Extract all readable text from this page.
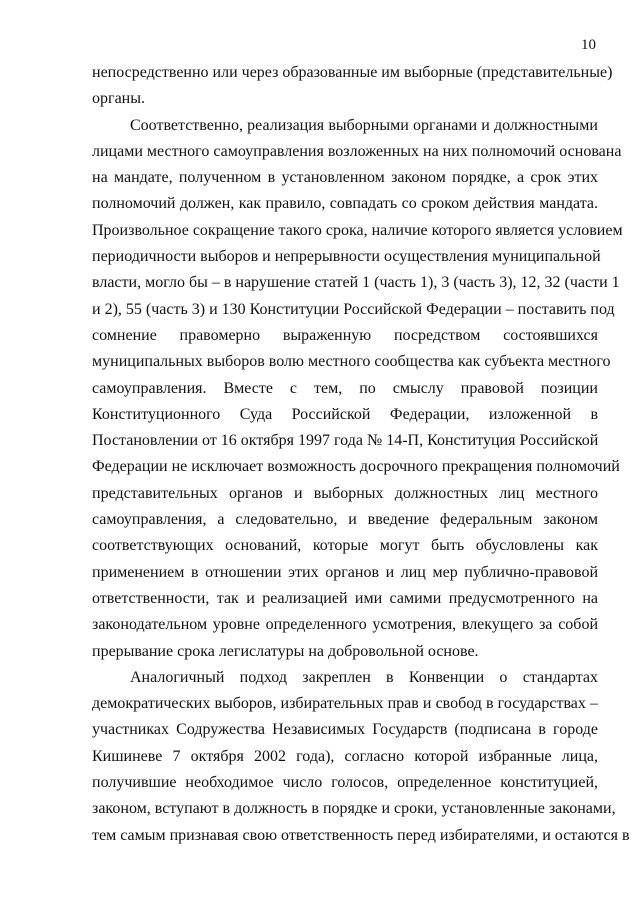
10
непосредственно или через образованные им выборные (представительные)
органы.
Соответственно, реализация выборными органами и должностными
лицами местного самоуправления возложенных на них полномочий основана
на мандате, полученном в установленном законом порядке, а срок этих
полномочий должен, как правило, совпадать со сроком действия мандата.
Произвольное сокращение такого срока, наличие которого является условием
периодичности выборов и непрерывности осуществления муниципальной
власти, могло бы – в нарушение статей 1 (часть 1), 3 (часть 3), 12, 32 (части 1
и 2), 55 (часть 3) и 130 Конституции Российской Федерации – поставить под
сомнение правомерно выраженную посредством состоявшихся
муниципальных выборов волю местного сообщества как субъекта местного
самоуправления. Вместе с тем, по смыслу правовой позиции
Конституционного Суда Российской Федерации, изложенной в
Постановлении от 16 октября 1997 года № 14-П, Конституция Российской
Федерации не исключает возможность досрочного прекращения полномочий
представительных органов и выборных должностных лиц местного
самоуправления, а следовательно, и введение федеральным законом
соответствующих оснований, которые могут быть обусловлены как
применением в отношении этих органов и лиц мер публично-правовой
ответственности, так и реализацией ими самими предусмотренного на
законодательном уровне определенного усмотрения, влекущего за собой
прерывание срока легислатуры на добровольной основе.
Аналогичный подход закреплен в Конвенции о стандартах
демократических выборов, избирательных прав и свобод в государствах –
участниках Содружества Независимых Государств (подписана в городе
Кишиневе 7 октября 2002 года), согласно которой избранные лица,
получившие необходимое число голосов, определенное конституцией,
законом, вступают в должность в порядке и сроки, установленные законами,
тем самым признавая свою ответственность перед избирателями, и остаются в
